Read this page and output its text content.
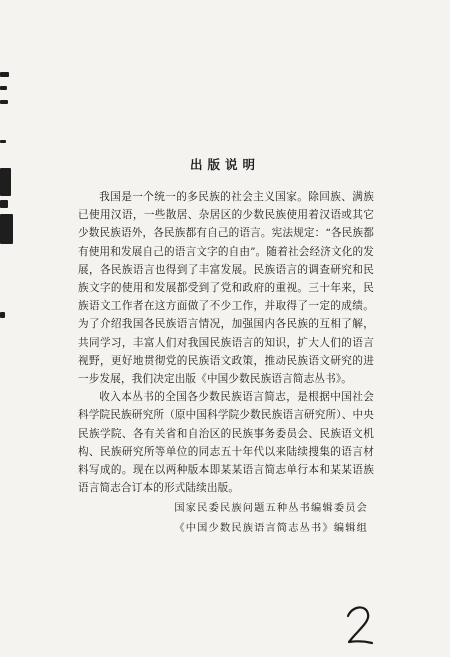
出版说明

我国是一个统一的多民族的社会主义国家。除回族、满族已使用汉语，一些散居、杂居区的少数民族使用着汉语或其它少数民族语外，各民族都有自己的语言。宪法规定：“各民族都有使用和发展自己的语言文字的自由”。随着社会经济文化的发展，各民族语言也得到了丰富发展。民族语言的调查研究和民族文字的使用和发展都受到了党和政府的重视。三十年来，民族语文工作者在这方面做了不少工作，并取得了一定的成绩。为了介绍我国各民族语言情况，加强国内各民族的互相了解，共同学习，丰富人们对我国民族语言的知识，扩大人们的语言视野，更好地贯彻党的民族语文政策，推动民族语文研究的进一步发展，我们决定出版《中国少数民族语言简志丛书》。

收入本丛书的全国各少数民族语言简志，是根据中国社会科学院民族研究所（原中国科学院少数民族语言研究所）、中央民族学院、各有关省和自治区的民族事务委员会、民族语文机构、民族研究所等单位的同志五十年代以来陆续搜集的语言材料写成的。现在以两种版本即某某语言简志单行本和某某语族语言简志合订本的形式陆续出版。

国家民委民族问题五种丛书编辑委员会
《中国少数民族语言简志丛书》编辑组
